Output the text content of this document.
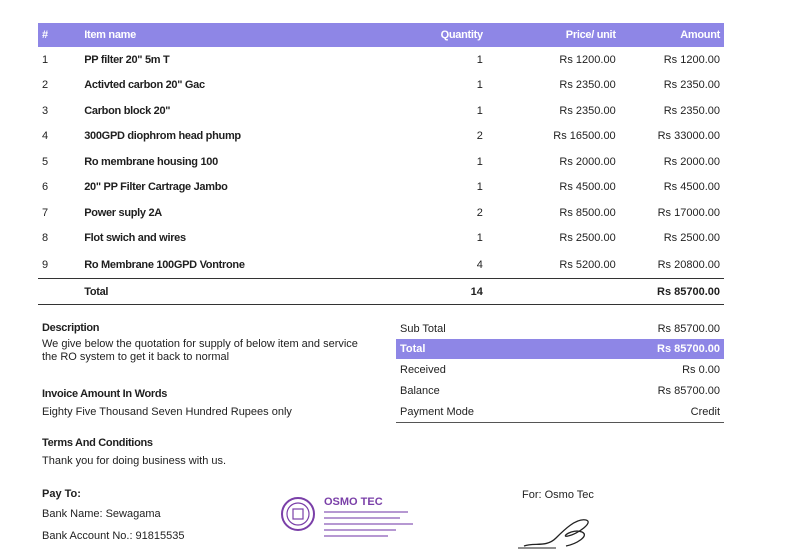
#	Item name	Quantity	Price/ unit	Amount
1	PP filter 20" 5m T	1	Rs 1200.00	Rs 1200.00
2	Activted carbon 20" Gac	1	Rs 2350.00	Rs 2350.00
3	Carbon block 20"	1	Rs 2350.00	Rs 2350.00
4	300GPD diophrom head phump	2	Rs 16500.00	Rs 33000.00
5	Ro membrane housing 100	1	Rs 2000.00	Rs 2000.00
6	20" PP Filter Cartrage Jambo	1	Rs 4500.00	Rs 4500.00
7	Power suply 2A	2	Rs 8500.00	Rs 17000.00
8	Flot swich and wires	1	Rs 2500.00	Rs 2500.00
9	Ro Membrane 100GPD Vontrone	4	Rs 5200.00	Rs 20800.00
	Total	14		Rs 85700.00
Description

We give below the quotation for supply of below item and service the RO system to get it back to normal

Invoice Amount In Words

Eighty Five Thousand Seven Hundred Rupees only

Terms And Conditions

Thank you for doing business with us.

Sub Total	Rs 85700.00
Total	Rs 85700.00
Received	Rs 0.00
Balance	Rs 85700.00
Payment Mode	Credit
Pay To:

Bank Name: Sewagama

Bank Account No.: 91815535

OSMO TEC
For: Osmo Tec
